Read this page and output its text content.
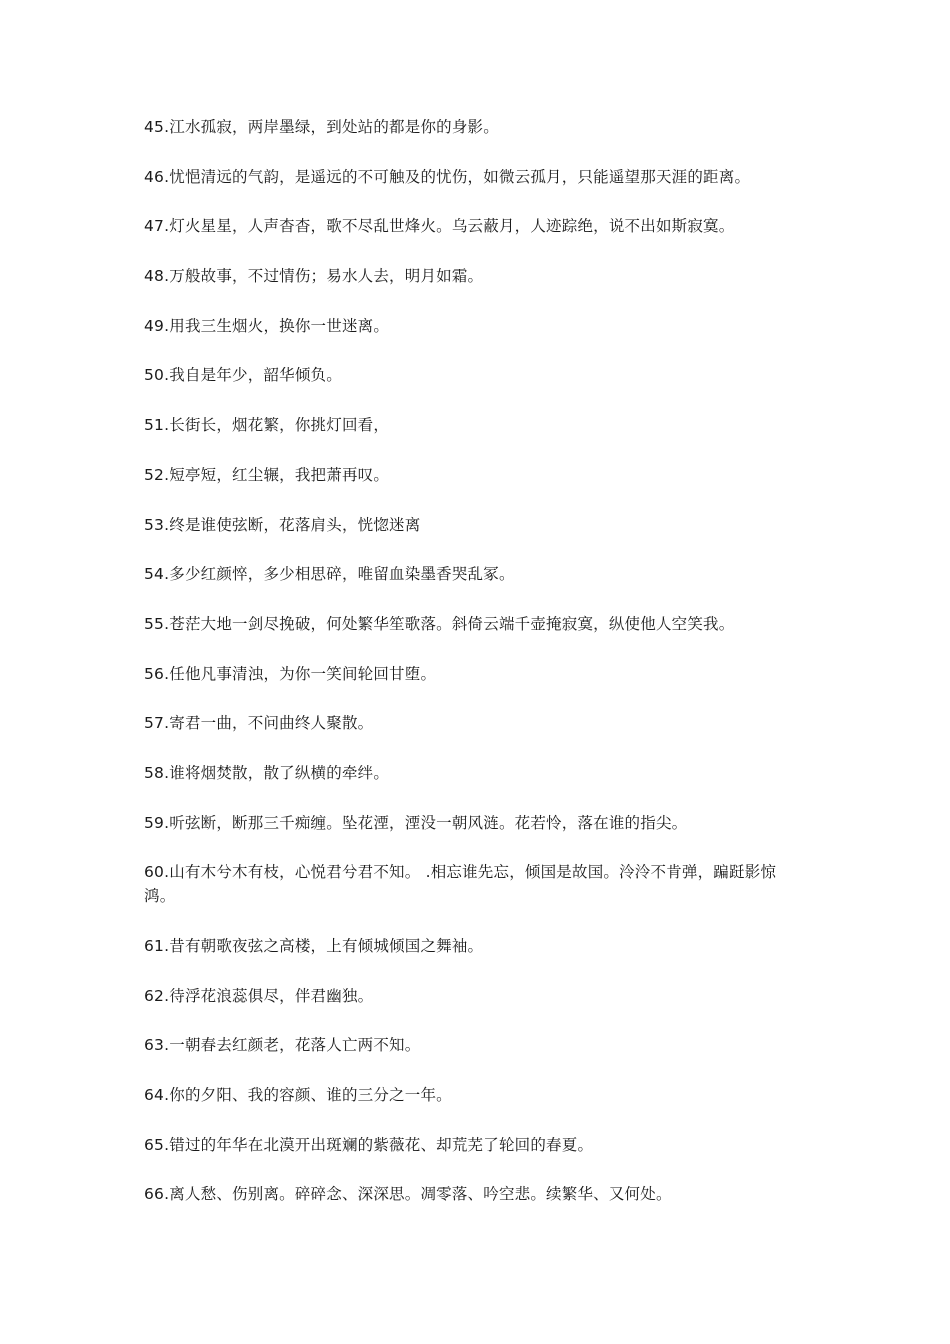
45.江水孤寂，两岸墨绿，到处站的都是你的身影。

46.忧悒清远的气韵，是遥远的不可触及的忧伤，如微云孤月，只能遥望那天涯的距离。

47.灯火星星，人声杳杳，歌不尽乱世烽火。乌云蔽月，人迹踪绝，说不出如斯寂寞。

48.万般故事，不过情伤；易水人去，明月如霜。

49.用我三生烟火，换你一世迷离。

50.我自是年少，韶华倾负。

51.长街长，烟花繁，你挑灯回看，

52.短亭短，红尘辗，我把萧再叹。

53.终是谁使弦断，花落肩头，恍惚迷离

54.多少红颜悴，多少相思碎，唯留血染墨香哭乱冢。

55.苍茫大地一剑尽挽破，何处繁华笙歌落。斜倚云端千壶掩寂寞，纵使他人空笑我。

56.任他凡事清浊，为你一笑间轮回甘堕。

57.寄君一曲，不问曲终人聚散。

58.谁将烟焚散，散了纵横的牵绊。

59.听弦断，断那三千痴缠。坠花湮，湮没一朝风涟。花若怜，落在谁的指尖。

60.山有木兮木有枝，心悦君兮君不知。 .相忘谁先忘，倾国是故国。泠泠不肯弹，蹁跹影惊鸿。

61.昔有朝歌夜弦之高楼，上有倾城倾国之舞袖。

62.待浮花浪蕊俱尽，伴君幽独。

63.一朝春去红颜老，花落人亡两不知。

64.你的夕阳、我的容颜、谁的三分之一年。

65.错过的年华在北漠开出斑斓的紫薇花、却荒芜了轮回的春夏。

66.离人愁、伤别离。碎碎念、深深思。凋零落、吟空悲。续繁华、又何处。
